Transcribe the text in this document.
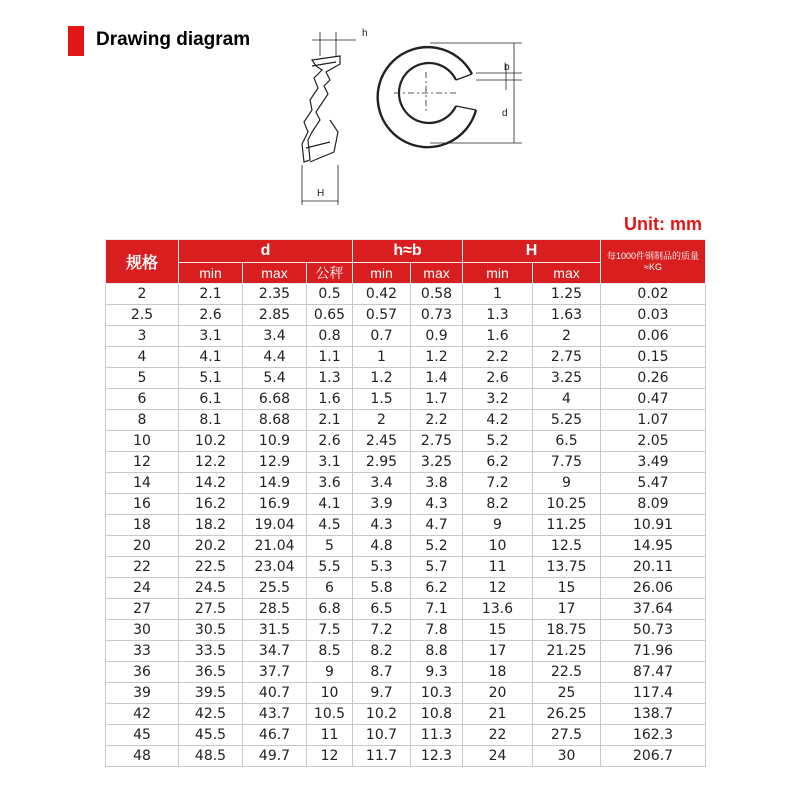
Drawing diagram	h
b
d
H
Unit: mm
规格	d			h≈b		H		每1000件钢制品的质量≈KG
	min	max	公秤	min	max	min	max	
2	2.1	2.35	0.5	0.42	0.58	1	1.25	0.02
2.5	2.6	2.85	0.65	0.57	0.73	1.3	1.63	0.03
3	3.1	3.4	0.8	0.7	0.9	1.6	2	0.06
4	4.1	4.4	1.1	1	1.2	2.2	2.75	0.15
5	5.1	5.4	1.3	1.2	1.4	2.6	3.25	0.26
6	6.1	6.68	1.6	1.5	1.7	3.2	4	0.47
8	8.1	8.68	2.1	2	2.2	4.2	5.25	1.07
10	10.2	10.9	2.6	2.45	2.75	5.2	6.5	2.05
12	12.2	12.9	3.1	2.95	3.25	6.2	7.75	3.49
14	14.2	14.9	3.6	3.4	3.8	7.2	9	5.47
16	16.2	16.9	4.1	3.9	4.3	8.2	10.25	8.09
18	18.2	19.04	4.5	4.3	4.7	9	11.25	10.91
20	20.2	21.04	5	4.8	5.2	10	12.5	14.95
22	22.5	23.04	5.5	5.3	5.7	11	13.75	20.11
24	24.5	25.5	6	5.8	6.2	12	15	26.06
27	27.5	28.5	6.8	6.5	7.1	13.6	17	37.64
30	30.5	31.5	7.5	7.2	7.8	15	18.75	50.73
33	33.5	34.7	8.5	8.2	8.8	17	21.25	71.96
36	36.5	37.7	9	8.7	9.3	18	22.5	87.47
39	39.5	40.7	10	9.7	10.3	20	25	117.4
42	42.5	43.7	10.5	10.2	10.8	21	26.25	138.7
45	45.5	46.7	11	10.7	11.3	22	27.5	162.3
48	48.5	49.7	12	11.7	12.3	24	30	206.7
